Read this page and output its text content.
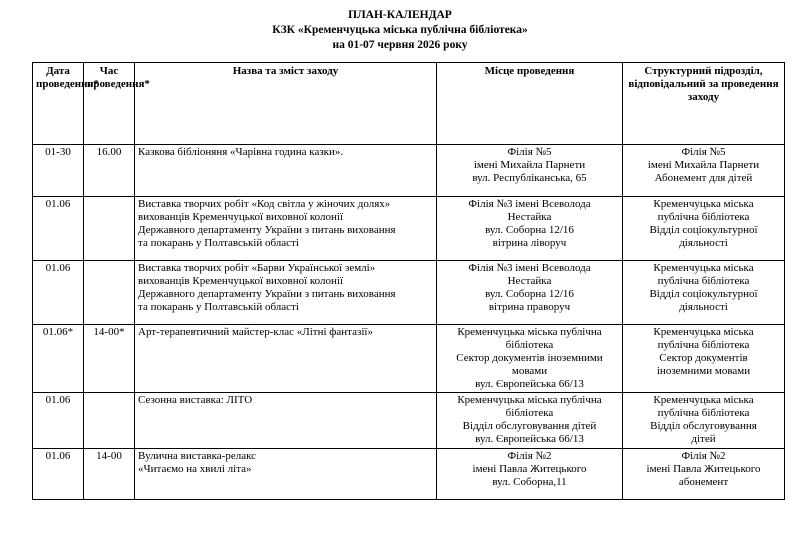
ПЛАН-КАЛЕНДАР
КЗК «Кременчуцька міська публічна бібліотека»
на 01-07 червня 2026 року
Дата проведення*	Час проведення*	Назва та зміст заходу	Місце проведення	Структурний підрозділ, відповідальний за проведення заходу
01-30	16.00	Казкова бібліоняня «Чарівна година казки».	Філія №5
імені Михайла Парнети
вул. Республіканська, 65	Філія №5
імені Михайла Парнети
Абонемент для дітей

01.06		Виставка творчих робіт «Код світла у жіночих долях»
вихованців Кременчуцької виховної колонії
Державного департаменту України з питань виховання
та покарань у Полтавській області	Філія №3 імені Всеволода
Нестайка
вул. Соборна 12/16
вітрина ліворуч	Кременчуцька міська
публічна бібліотека
Відділ соціокультурної
діяльності

01.06		Виставка творчих робіт «Барви Української землі»
вихованців Кременчуцької виховної колонії
Державного департаменту України з питань виховання
та покарань у Полтавській області	Філія №3 імені Всеволода
Нестайка
вул. Соборна 12/16
вітрина праворуч	Кременчуцька міська
публічна бібліотека
Відділ соціокультурної
діяльності

01.06*	14-00*	Арт-терапевтичний майстер-клас «Літні фантазії»	Кременчуцька міська публічна
бібліотека
Сектор документів іноземними
мовами
вул. Європейська 66/13	Кременчуцька міська
публічна бібліотека
Сектор документів
іноземними мовами

01.06		Сезонна виставка: ЛІТО	Кременчуцька міська публічна
бібліотека
Відділ обслуговування дітей
вул. Європейська 66/13	Кременчуцька міська
публічна бібліотека
Відділ обслуговування
дітей

01.06	14-00	Вулична виставка-релакс
«Читаємо на хвилі літа»	Філія №2
імені Павла Житецького
вул. Соборна,11	Філія №2
імені Павла Житецького
абонемент
